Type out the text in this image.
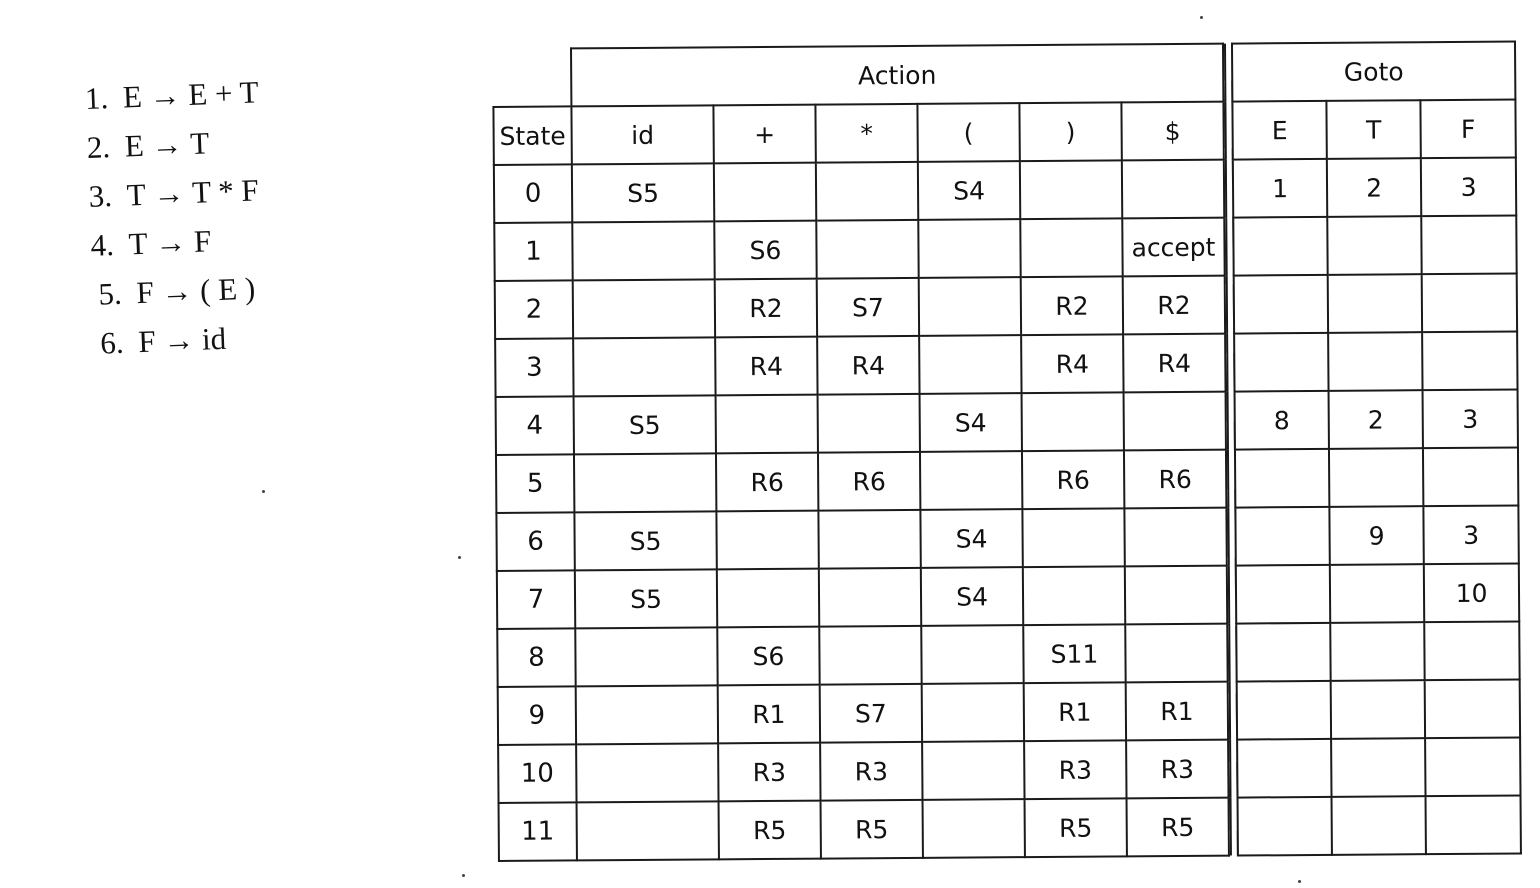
1. E
→
E + T
2. E
→
T
3. T
→
T * F
4. T
→
F
5. F
→
( E )
6. F
→
id
	Action							Goto		
State	id	+	*	(	)	$		E	T	F
0	S5			S4				1	2	3
1		S6				accept				
2		R2	S7		R2	R2				
3		R4	R4		R4	R4				
4	S5			S4				8	2	3
5		R6	R6		R6	R6				
6	S5			S4					9	3
7	S5			S4						10
8		S6			S11					
9		R1	S7		R1	R1				
10		R3	R3		R3	R3				
11		R5	R5		R5	R5				
